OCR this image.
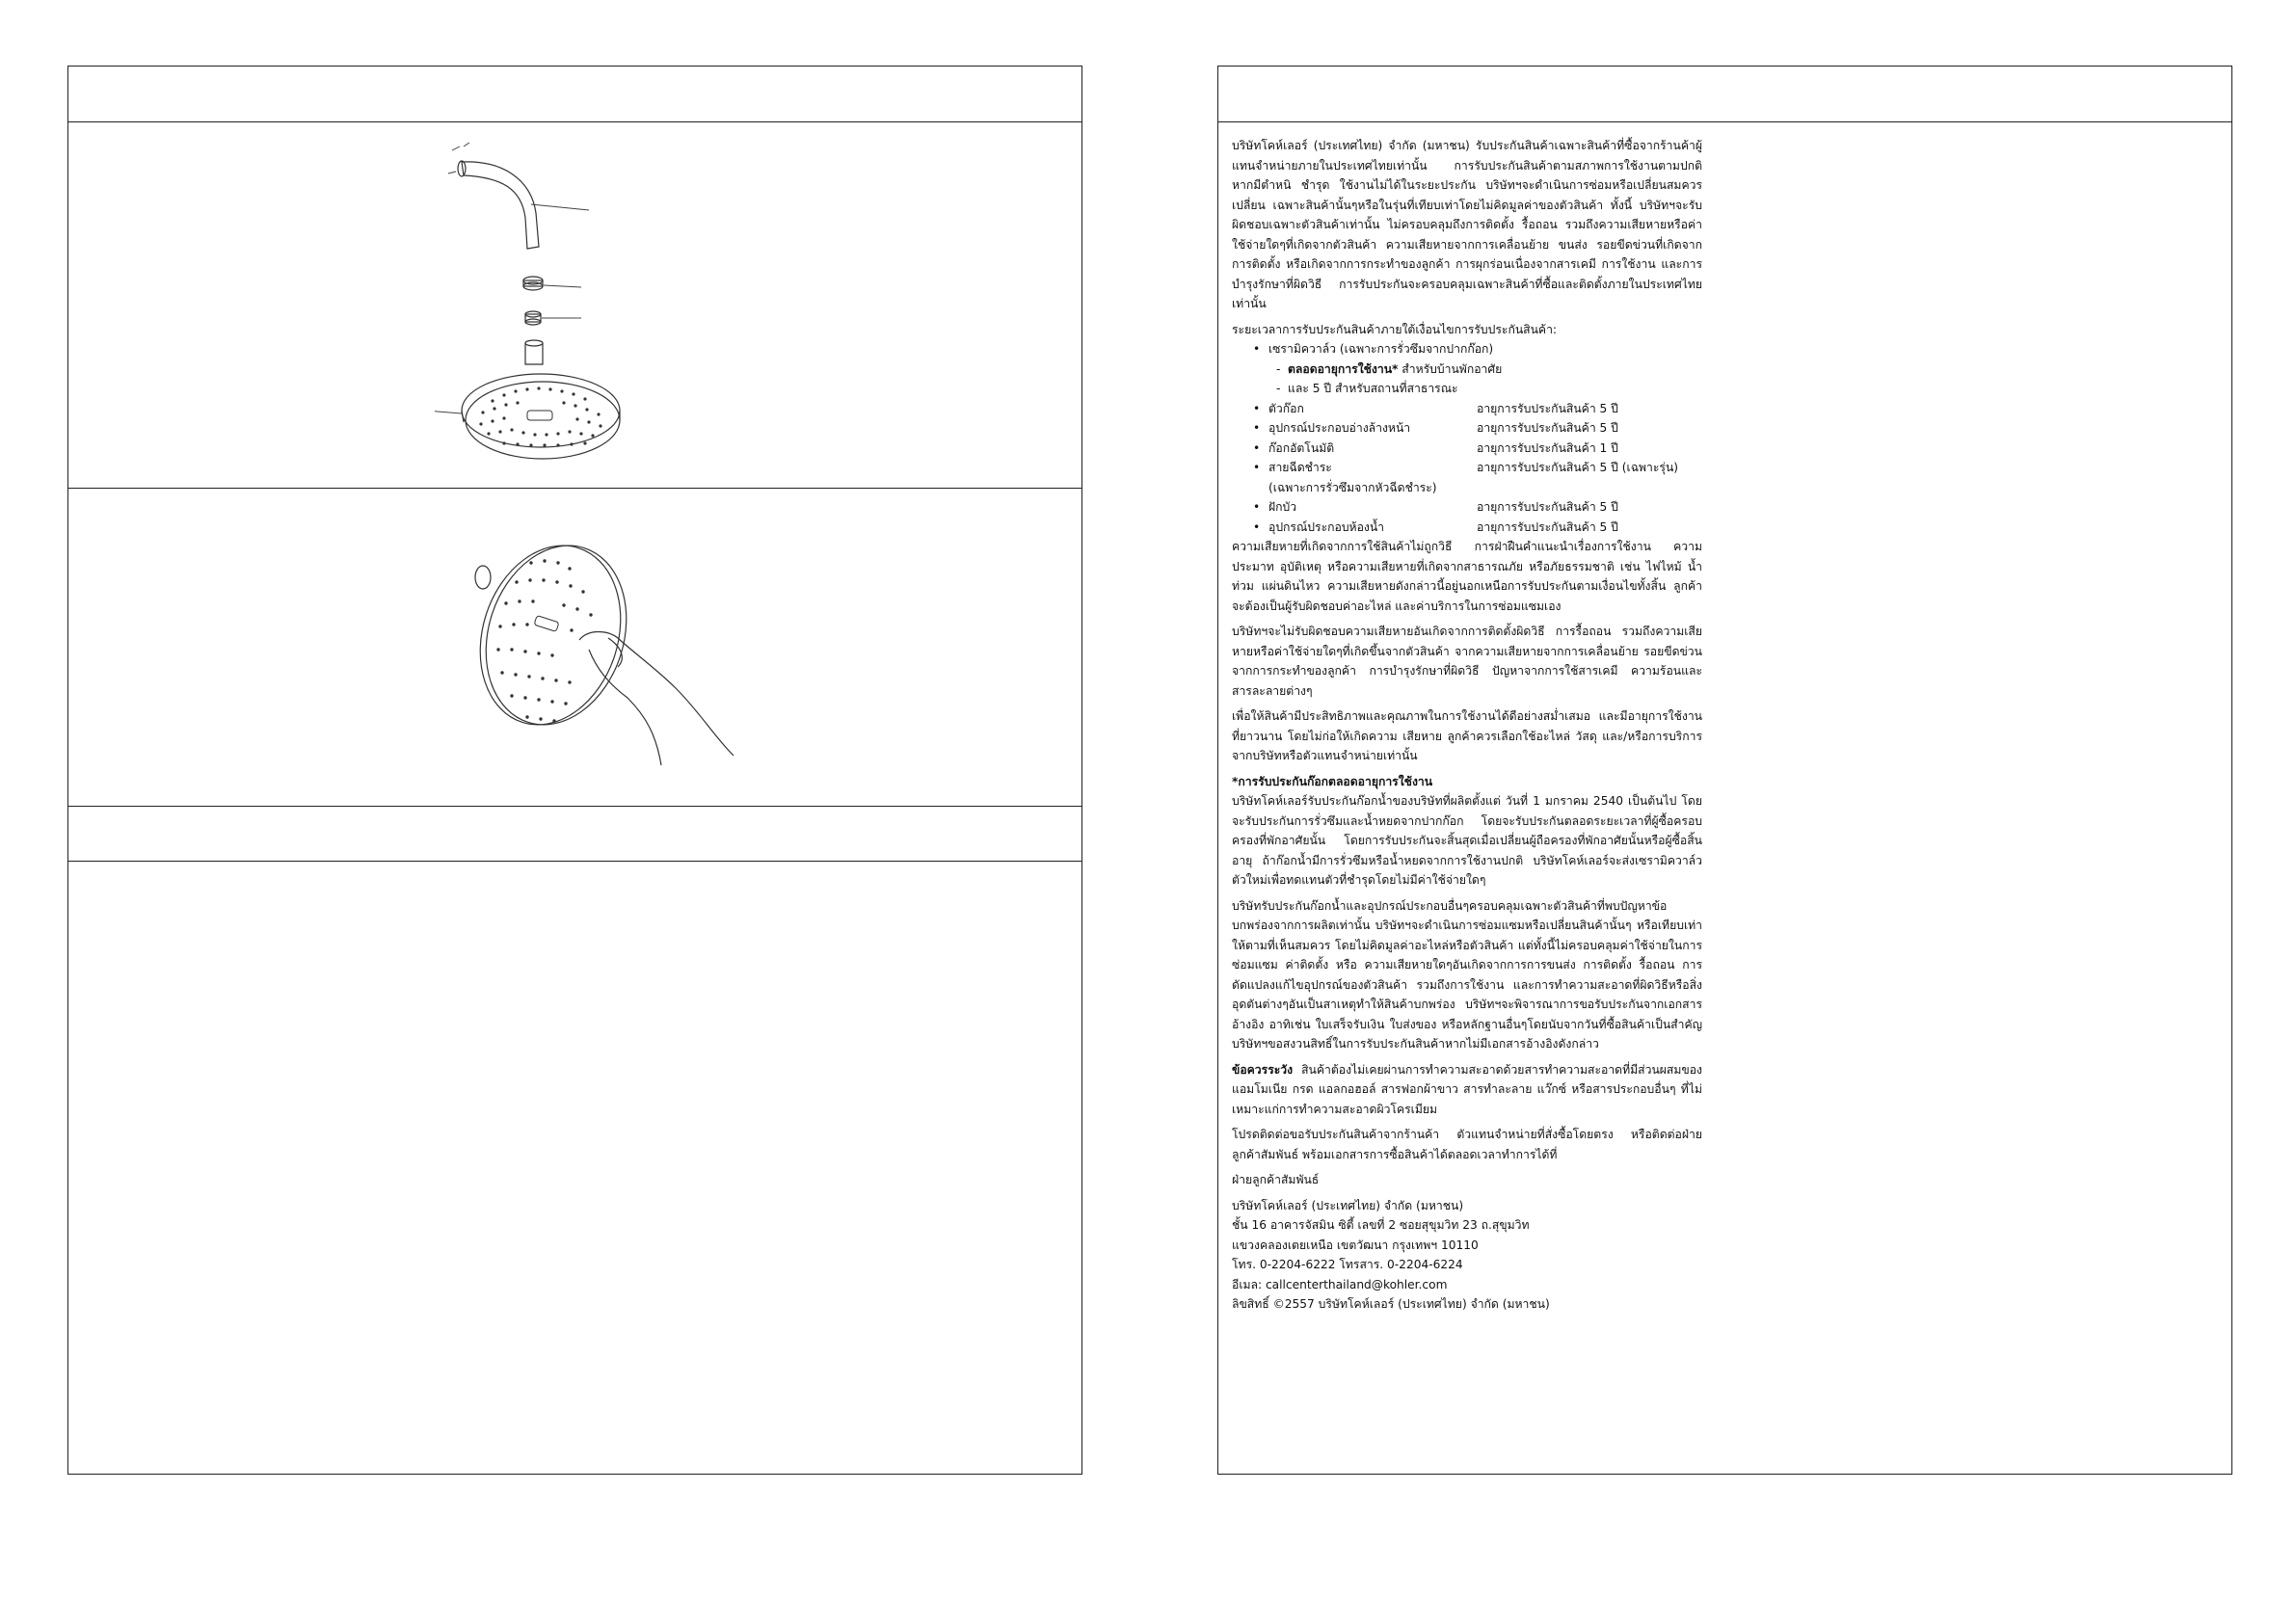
บริษัทโคห์เลอร์ (ประเทศไทย) จำกัด (มหาชน) รับประกันสินค้าเฉพาะสินค้าที่ซื้อจากร้านค้าผู้แทนจำหน่ายภายในประเทศไทยเท่านั้น การรับประกันสินค้าตามสภาพการใช้งานตามปกติ หากมีตำหนิ ชำรุด ใช้งานไม่ได้ในระยะประกัน บริษัทฯจะดำเนินการซ่อมหรือเปลี่ยนสมควรเปลี่ยน เฉพาะสินค้านั้นๆหรือในรุ่นที่เทียบเท่าโดยไม่คิดมูลค่าของตัวสินค้า ทั้งนี้ บริษัทฯจะรับผิดชอบเฉพาะตัวสินค้าเท่านั้น ไม่ครอบคลุมถึงการติดตั้ง รื้อถอน รวมถึงความเสียหายหรือค่าใช้จ่ายใดๆที่เกิดจากตัวสินค้า ความเสียหายจากการเคลื่อนย้าย ขนส่ง รอยขีดข่วนที่เกิดจากการติดตั้ง หรือเกิดจากการกระทำของลูกค้า การผุกร่อนเนื่องจากสารเคมี การใช้งาน และการบำรุงรักษาที่ผิดวิธี การรับประกันจะครอบคลุมเฉพาะสินค้าที่ซื้อและติดตั้งภายในประเทศไทยเท่านั้น

ระยะเวลาการรับประกันสินค้าภายใต้เงื่อนไขการรับประกันสินค้า:
• เซรามิควาล์ว (เฉพาะการรั่วซึมจากปากก๊อก)
- ตลอดอายุการใช้งาน* สำหรับบ้านพักอาศัย
- และ 5 ปี สำหรับสถานที่สาธารณะ
• ตัวก๊อก	อายุการรับประกันสินค้า 5 ปี
• อุปกรณ์ประกอบอ่างล้างหน้า	อายุการรับประกันสินค้า 5 ปี
• ก๊อกอัตโนมัติ	อายุการรับประกันสินค้า 1 ปี
• สายฉีดชำระ	อายุการรับประกันสินค้า 5 ปี (เฉพาะรุ่น)
(เฉพาะการรั่วซึมจากหัวฉีดชำระ)
• ฝักบัว	อายุการรับประกันสินค้า 5 ปี
• อุปกรณ์ประกอบห้องน้ำ	อายุการรับประกันสินค้า 5 ปี

ความเสียหายที่เกิดจากการใช้สินค้าไม่ถูกวิธี การฝ่าฝืนคำแนะนำเรื่องการใช้งาน ความประมาท อุบัติเหตุ หรือความเสียหายที่เกิดจากสาธารณภัย หรือภัยธรรมชาติ เช่น ไฟไหม้ น้ำท่วม แผ่นดินไหว ความเสียหายดังกล่าวนี้อยู่นอกเหนือการรับประกันตามเงื่อนไขทั้งสิ้น ลูกค้าจะต้องเป็นผู้รับผิดชอบค่าอะไหล่ และค่าบริการในการซ่อมแซมเอง

บริษัทฯจะไม่รับผิดชอบความเสียหายอันเกิดจากการติดตั้งผิดวิธี การรื้อถอน รวมถึงความเสียหายหรือค่าใช้จ่ายใดๆที่เกิดขึ้นจากตัวสินค้า จากความเสียหายจากการเคลื่อนย้าย รอยขีดข่วนจากการกระทำของลูกค้า การบำรุงรักษาที่ผิดวิธี ปัญหาจากการใช้สารเคมี ความร้อนและสารละลายต่างๆ

เพื่อให้สินค้ามีประสิทธิภาพและคุณภาพในการใช้งานได้ดีอย่างสม่ำเสมอ และมีอายุการใช้งานที่ยาวนาน โดยไม่ก่อให้เกิดความ เสียหาย ลูกค้าควรเลือกใช้อะไหล่ วัสดุ และ/หรือการบริการจากบริษัทหรือตัวแทนจำหน่ายเท่านั้น

*การรับประกันก๊อกตลอดอายุการใช้งาน

บริษัทโคห์เลอร์รับประกันก๊อกน้ำของบริษัทที่ผลิตตั้งแต่ วันที่ 1 มกราคม 2540 เป็นต้นไป โดยจะรับประกันการรั่วซึมและน้ำหยดจากปากก๊อก โดยจะรับประกันตลอดระยะเวลาที่ผู้ซื้อครอบครองที่พักอาศัยนั้น โดยการรับประกันจะสิ้นสุดเมื่อเปลี่ยนผู้ถือครองที่พักอาศัยนั้นหรือผู้ซื้อสิ้นอายุ ถ้าก๊อกน้ำมีการรั่วซึมหรือน้ำหยดจากการใช้งานปกติ บริษัทโคห์เลอร์จะส่งเซรามิควาล์วตัวใหม่เพื่อทดแทนตัวที่ชำรุดโดยไม่มีค่าใช้จ่ายใดๆ

บริษัทรับประกันก๊อกน้ำและอุปกรณ์ประกอบอื่นๆครอบคลุมเฉพาะตัวสินค้าที่พบปัญหาข้อบกพร่องจากการผลิตเท่านั้น บริษัทฯจะดำเนินการซ่อมแซมหรือเปลี่ยนสินค้านั้นๆ หรือเทียบเท่าให้ตามที่เห็นสมควร โดยไม่คิดมูลค่าอะไหล่หรือตัวสินค้า แต่ทั้งนี้ไม่ครอบคลุมค่าใช้จ่ายในการซ่อมแซม ค่าติดตั้ง หรือ ความเสียหายใดๆอันเกิดจากการการขนส่ง การติดตั้ง รื้อถอน การดัดแปลงแก้ไขอุปกรณ์ของตัวสินค้า รวมถึงการใช้งาน และการทำความสะอาดที่ผิดวิธีหรือสิ่งอุดตันต่างๆอันเป็นสาเหตุทำให้สินค้าบกพร่อง บริษัทฯจะพิจารณาการขอรับประกันจากเอกสารอ้างอิง อาทิเช่น ใบเสร็จรับเงิน ใบส่งของ หรือหลักฐานอื่นๆโดยนับจากวันที่ซื้อสินค้าเป็นสำคัญ บริษัทฯขอสงวนสิทธิ์ในการรับประกันสินค้าหากไม่มีเอกสารอ้างอิงดังกล่าว

ข้อควรระวัง สินค้าต้องไม่เคยผ่านการทำความสะอาดด้วยสารทำความสะอาดที่มีส่วนผสมของ แอมโมเนีย กรด แอลกอฮอล์ สารฟอกผ้าขาว สารทำละลาย แว๊กซ์ หรือสารประกอบอื่นๆ ที่ไม่เหมาะแก่การทำความสะอาดผิวโครเมียม

โปรดติดต่อขอรับประกันสินค้าจากร้านค้า ตัวแทนจำหน่ายที่สั่งซื้อโดยตรง หรือติดต่อฝ่ายลูกค้าสัมพันธ์ พร้อมเอกสารการซื้อสินค้าได้ตลอดเวลาทำการได้ที่

ฝ่ายลูกค้าสัมพันธ์

บริษัทโคห์เลอร์ (ประเทศไทย) จำกัด (มหาชน)

ชั้น 16 อาคารจัสมิน ซิตี้ เลขที่ 2 ซอยสุขุมวิท 23 ถ.สุขุมวิท

แขวงคลองเตยเหนือ เขตวัฒนา กรุงเทพฯ 10110

โทร. 0-2204-6222 โทรสาร. 0-2204-6224

อีเมล: callcenterthailand@kohler.com

ลิขสิทธิ์ ©2557 บริษัทโคห์เลอร์ (ประเทศไทย) จำกัด (มหาชน)
